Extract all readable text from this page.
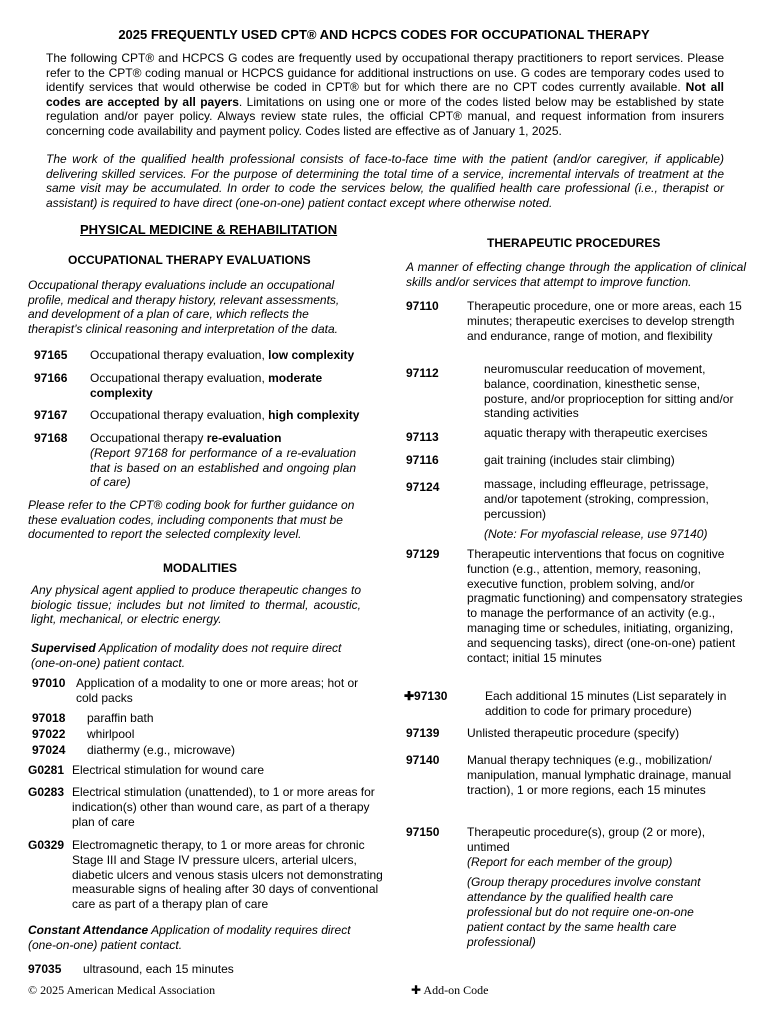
2025 FREQUENTLY USED CPT® AND HCPCS CODES FOR OCCUPATIONAL THERAPY
The following CPT® and HCPCS G codes are frequently used by occupational therapy practitioners to report services. Please refer to the CPT® coding manual or HCPCS guidance for additional instructions on use. G codes are temporary codes used to identify services that would otherwise be coded in CPT® but for which there are no CPT codes currently available. Not all codes are accepted by all payers. Limitations on using one or more of the codes listed below may be established by state regulation and/or payer policy. Always review state rules, the official CPT® manual, and request information from insurers concerning code availability and payment policy. Codes listed are effective as of January 1, 2025.
The work of the qualified health professional consists of face-to-face time with the patient (and/or caregiver, if applicable) delivering skilled services. For the purpose of determining the total time of a service, incremental intervals of treatment at the same visit may be accumulated. In order to code the services below, the qualified health care professional (i.e., therapist or assistant) is required to have direct (one-on-one) patient contact except where otherwise noted.
PHYSICAL MEDICINE & REHABILITATION
OCCUPATIONAL THERAPY EVALUATIONS
Occupational therapy evaluations include an occupational profile, medical and therapy history, relevant assessments, and development of a plan of care, which reflects the therapist’s clinical reasoning and interpretation of the data.
97165 Occupational therapy evaluation, low complexity
97166 Occupational therapy evaluation, moderate complexity
97167 Occupational therapy evaluation, high complexity
97168 Occupational therapy re-evaluation

(Report 97168 for performance of a re-evaluation that is based on an established and ongoing plan of care)
Please refer to the CPT® coding book for further guidance on these evaluation codes, including components that must be documented to report the selected complexity level.
MODALITIES
Any physical agent applied to produce therapeutic changes to biologic tissue; includes but not limited to thermal, acoustic, light, mechanical, or electric energy.
Supervised Application of modality does not require direct (one-on-one) patient contact.
97010 Application of a modality to one or more areas; hot or cold packs
97018 paraffin bath
97022 whirlpool
97024 diathermy (e.g., microwave)
G0281 Electrical stimulation for wound care
G0283 Electrical stimulation (unattended), to 1 or more areas for indication(s) other than wound care, as part of a therapy plan of care
G0329 Electromagnetic therapy, to 1 or more areas for chronic Stage III and Stage IV pressure ulcers, arterial ulcers, diabetic ulcers and venous stasis ulcers not demonstrating measurable signs of healing after 30 days of conventional care as part of a therapy plan of care
Constant Attendance Application of modality requires direct (one-on-one) patient contact.
97035 ultrasound, each 15 minutes
THERAPEUTIC PROCEDURES
A manner of effecting change through the application of clinical skills and/or services that attempt to improve function.
97110 Therapeutic procedure, one or more areas, each 15 minutes; therapeutic exercises to develop strength and endurance, range of motion, and flexibility
97112	neuromuscular reeducation of movement, balance, coordination, kinesthetic sense, posture, and/or proprioception for sitting and/or standing activities
97113	aquatic therapy with therapeutic exercises
97116	gait training (includes stair climbing)
97124	massage, including effleurage, petrissage, and/or tapotement (stroking, compression, percussion)

(Note: For myofascial release, use 97140)
97129 Therapeutic interventions that focus on cognitive function (e.g., attention, memory, reasoning, executive function, problem solving, and/or pragmatic functioning) and compensatory strategies to manage the performance of an activity (e.g., managing time or schedules, initiating, organizing, and sequencing tasks), direct (one-on-one) patient contact; initial 15 minutes
✚97130	Each additional 15 minutes (List separately in addition to code for primary procedure)
97139 Unlisted therapeutic procedure (specify)
97140 Manual therapy techniques (e.g., mobilization/ manipulation, manual lymphatic drainage, manual traction), 1 or more regions, each 15 minutes
97150 Therapeutic procedure(s), group (2 or more), untimed
(Report for each member of the group)
(Group therapy procedures involve constant attendance by the qualified health care professional but do not require one-on-one patient contact by the same health care professional)
© 2025 American Medical Association	✚ Add-on Code
